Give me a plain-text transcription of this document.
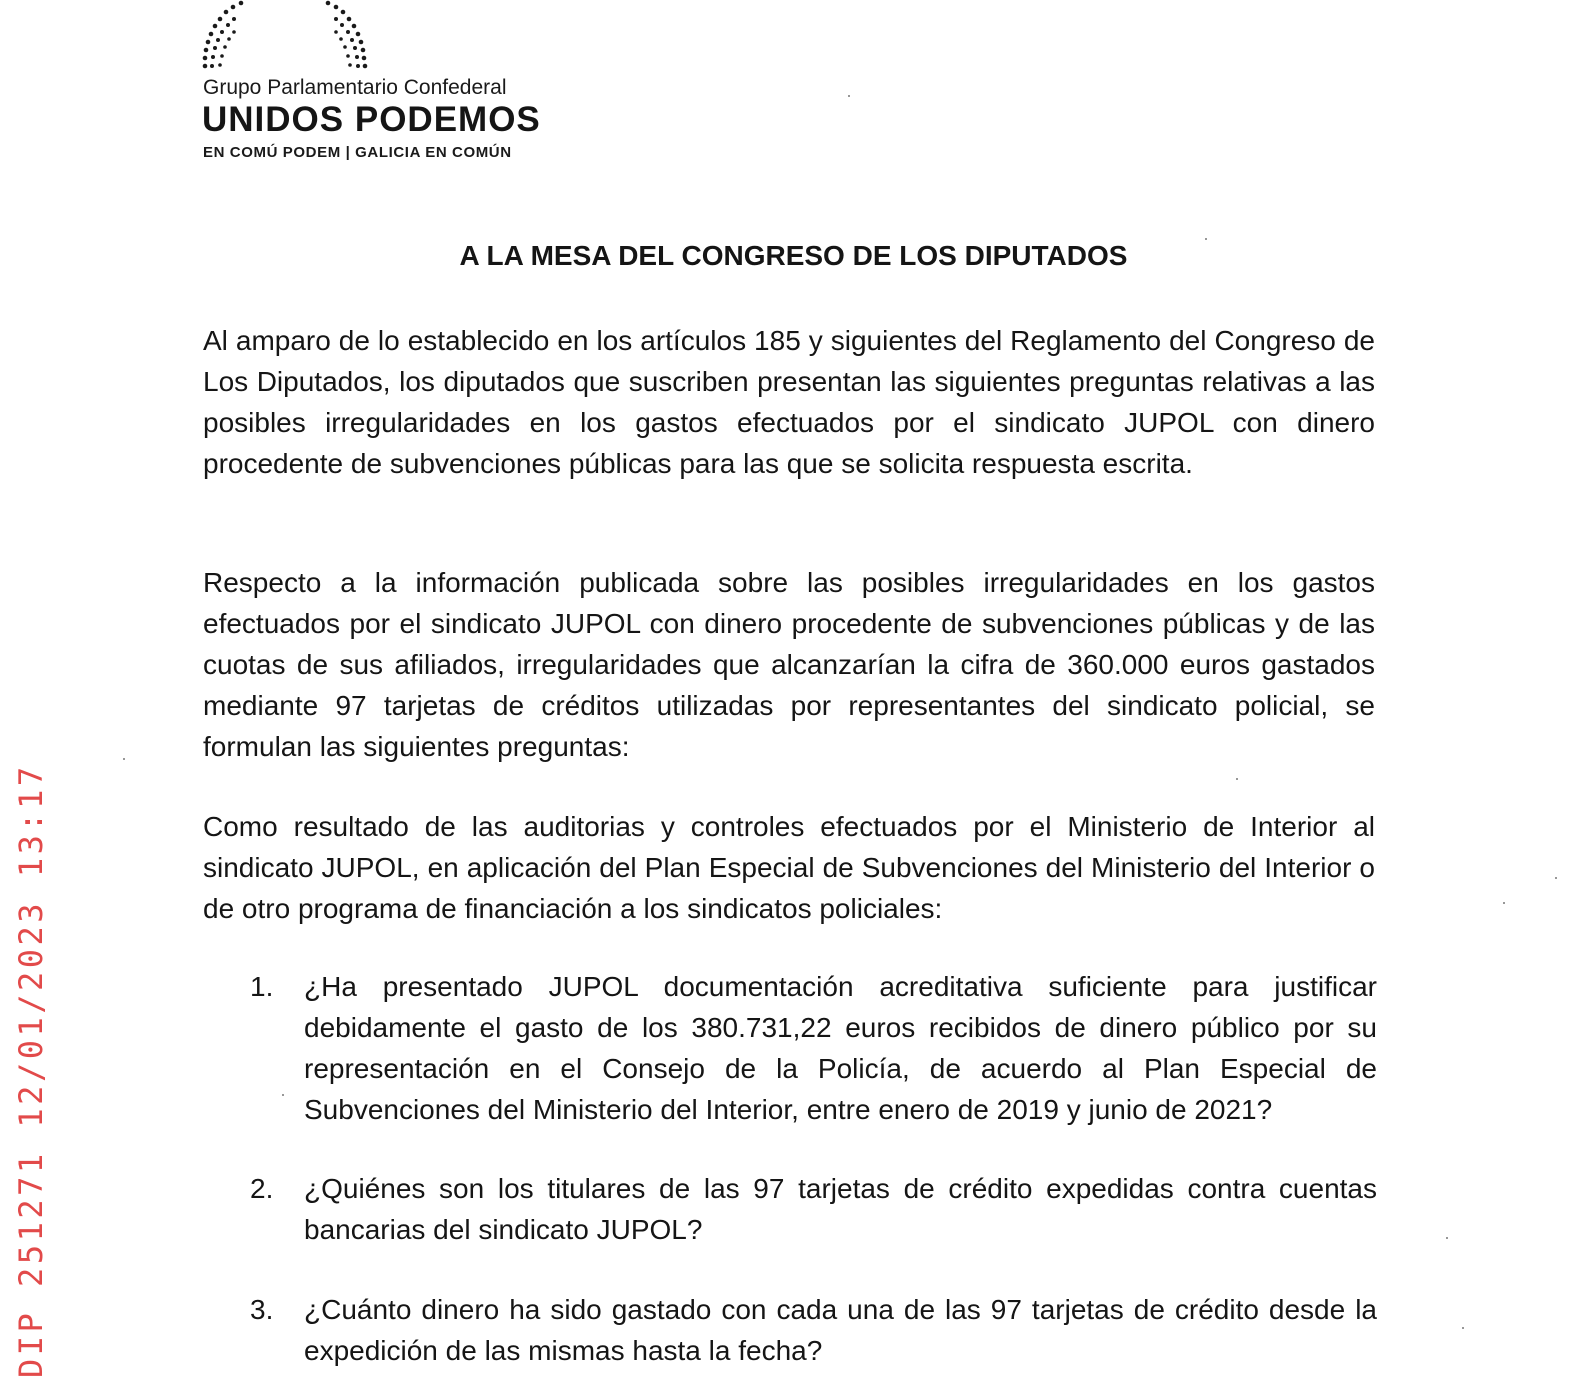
Grupo Parlamentario Confederal
UNIDOS PODEMOS
EN COMÚ PODEM | GALICIA EN COMÚN
DIP 251271 12/01/2023 13:17
A LA MESA DEL CONGRESO DE LOS DIPUTADOS

Al amparo de lo establecido en los artículos 185 y siguientes del Reglamento del Congreso de Los Diputados, los diputados que suscriben presentan las siguientes preguntas relativas a las posibles irregularidades en los gastos efectuados por el sindicato JUPOL con dinero procedente de subvenciones públicas para las que se solicita respuesta escrita.

Respecto a la información publicada sobre las posibles irregularidades en los gastos efectuados por el sindicato JUPOL con dinero procedente de subvenciones públicas y de las cuotas de sus afiliados, irregularidades que alcanzarían la cifra de 360.000 euros gastados mediante 97 tarjetas de créditos utilizadas por representantes del sindicato policial, se formulan las siguientes preguntas:

Como resultado de las auditorias y controles efectuados por el Ministerio de Interior al sindicato JUPOL, en aplicación del Plan Especial de Subvenciones del Ministerio del Interior o de otro programa de financiación a los sindicatos policiales:

1.	¿Ha presentado JUPOL documentación acreditativa suficiente para justificar debidamente el gasto de los 380.731,22 euros recibidos de dinero público por su representación en el Consejo de la Policía, de acuerdo al Plan Especial de Subvenciones del Ministerio del Interior, entre enero de 2019 y junio de 2021?
2.	¿Quiénes son los titulares de las 97 tarjetas de crédito expedidas contra cuentas bancarias del sindicato JUPOL?
3.	¿Cuánto dinero ha sido gastado con cada una de las 97 tarjetas de crédito desde la expedición de las mismas hasta la fecha?
